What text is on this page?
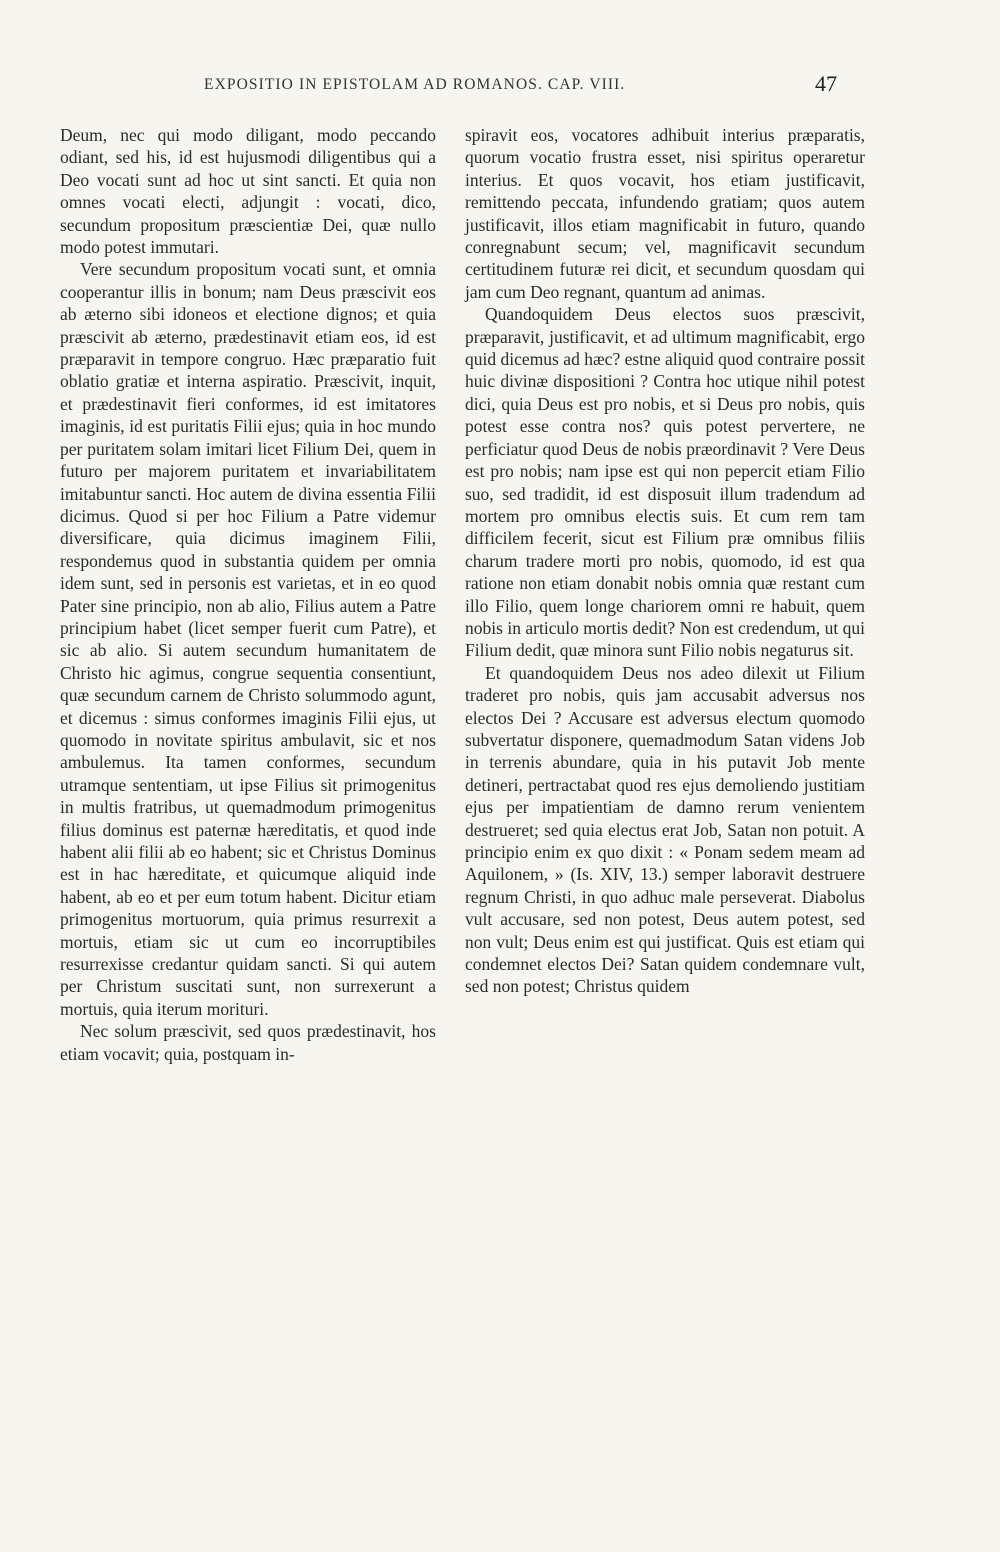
EXPOSITIO IN EPISTOLAM AD ROMANOS. CAP. VIII.	47

Deum, nec qui modo diligant, modo peccando odiant, sed his, id est hujusmodi diligentibus qui a Deo vocati sunt ad hoc ut sint sancti. Et quia non omnes vocati electi, adjungit : vocati, dico, secundum propositum præscientiæ Dei, quæ nullo modo potest immutari.

Vere secundum propositum vocati sunt, et omnia cooperantur illis in bonum; nam Deus præscivit eos ab æterno sibi idoneos et electione dignos; et quia præscivit ab æterno, prædestinavit etiam eos, id est præparavit in tempore congruo. Hæc præparatio fuit oblatio gratiæ et interna aspiratio. Præscivit, inquit, et prædestinavit fieri conformes, id est imitatores imaginis, id est puritatis Filii ejus; quia in hoc mundo per puritatem solam imitari licet Filium Dei, quem in futuro per majorem puritatem et invariabilitatem imitabuntur sancti. Hoc autem de divina essentia Filii dicimus. Quod si per hoc Filium a Patre videmur diversificare, quia dicimus imaginem Filii, respondemus quod in substantia quidem per omnia idem sunt, sed in personis est varietas, et in eo quod Pater sine principio, non ab alio, Filius autem a Patre principium habet (licet semper fuerit cum Patre), et sic ab alio. Si autem secundum humanitatem de Christo hic agimus, congrue sequentia consentiunt, quæ secundum carnem de Christo solummodo agunt, et dicemus : simus conformes imaginis Filii ejus, ut quomodo in novitate spiritus ambulavit, sic et nos ambulemus. Ita tamen conformes, secundum utramque sententiam, ut ipse Filius sit primogenitus in multis fratribus, ut quemadmodum primogenitus filius dominus est paternæ hæreditatis, et quod inde habent alii filii ab eo habent; sic et Christus Dominus est in hac hæreditate, et quicumque aliquid inde habent, ab eo et per eum totum habent. Dicitur etiam primogenitus mortuorum, quia primus resurrexit a mortuis, etiam sic ut cum eo incorruptibiles resurrexisse credantur quidam sancti. Si qui autem per Christum suscitati sunt, non surrexerunt a mortuis, quia iterum morituri.

Nec solum præscivit, sed quos prædestinavit, hos etiam vocavit; quia, postquam in-

spiravit eos, vocatores adhibuit interius præparatis, quorum vocatio frustra esset, nisi spiritus operaretur interius. Et quos vocavit, hos etiam justificavit, remittendo peccata, infundendo gratiam; quos autem justificavit, illos etiam magnificabit in futuro, quando conregnabunt secum; vel, magnificavit secundum certitudinem futuræ rei dicit, et secundum quosdam qui jam cum Deo regnant, quantum ad animas.

Quandoquidem Deus electos suos præscivit, præparavit, justificavit, et ad ultimum magnificabit, ergo quid dicemus ad hæc? estne aliquid quod contraire possit huic divinæ dispositioni ? Contra hoc utique nihil potest dici, quia Deus est pro nobis, et si Deus pro nobis, quis potest esse contra nos? quis potest pervertere, ne perficiatur quod Deus de nobis præordinavit ? Vere Deus est pro nobis; nam ipse est qui non pepercit etiam Filio suo, sed tradidit, id est disposuit illum tradendum ad mortem pro omnibus electis suis. Et cum rem tam difficilem fecerit, sicut est Filium præ omnibus filiis charum tradere morti pro nobis, quomodo, id est qua ratione non etiam donabit nobis omnia quæ restant cum illo Filio, quem longe chariorem omni re habuit, quem nobis in articulo mortis dedit? Non est credendum, ut qui Filium dedit, quæ minora sunt Filio nobis negaturus sit.

Et quandoquidem Deus nos adeo dilexit ut Filium traderet pro nobis, quis jam accusabit adversus nos electos Dei ? Accusare est adversus electum quomodo subvertatur disponere, quemadmodum Satan videns Job in terrenis abundare, quia in his putavit Job mente detineri, pertractabat quod res ejus demoliendo justitiam ejus per impatientiam de damno rerum venientem destrueret; sed quia electus erat Job, Satan non potuit. A principio enim ex quo dixit : « Ponam sedem meam ad Aquilonem, » (Is. XIV, 13.) semper laboravit destruere regnum Christi, in quo adhuc male perseverat. Diabolus vult accusare, sed non potest, Deus autem potest, sed non vult; Deus enim est qui justificat. Quis est etiam qui condemnet electos Dei? Satan quidem condemnare vult, sed non potest; Christus quidem
